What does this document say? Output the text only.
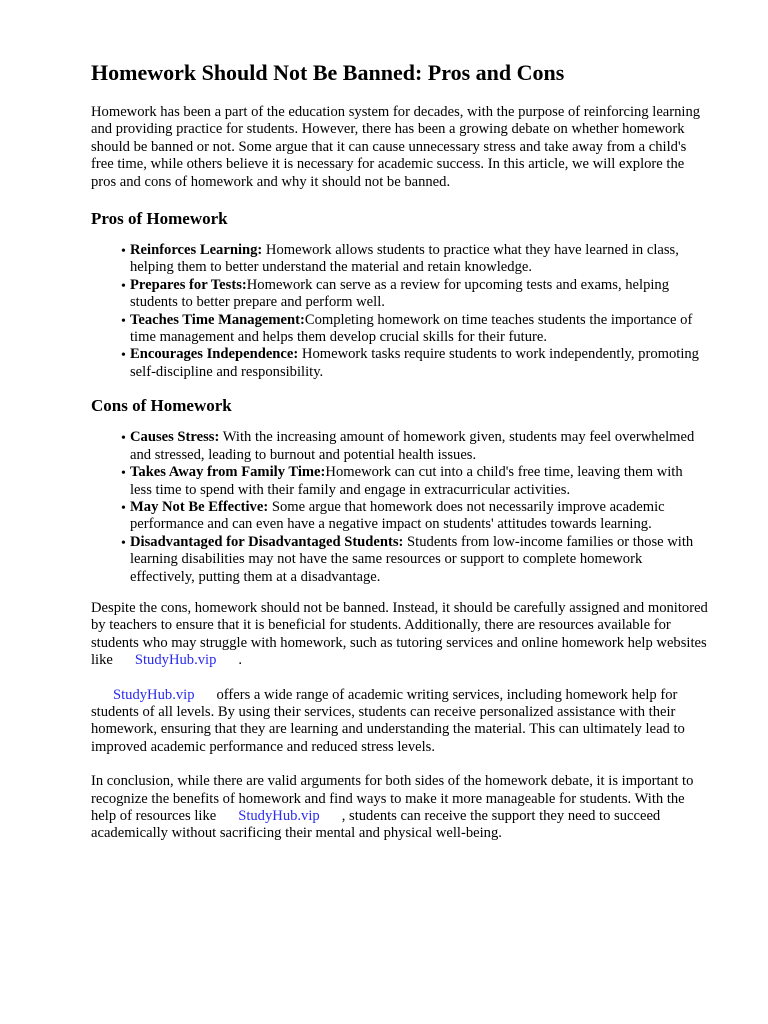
Homework Should Not Be Banned: Pros and Cons

Homework has been a part of the education system for decades, with the purpose of reinforcing learning and providing practice for students. However, there has been a growing debate on whether homework should be banned or not. Some argue that it can cause unnecessary stress and take away from a child's free time, while others believe it is necessary for academic success. In this article, we will explore the pros and cons of homework and why it should not be banned.

Pros of Homework
• Reinforces Learning: Homework allows students to practice what they have learned in class, helping them to better understand the material and retain knowledge.
• Prepares for Tests:Homework can serve as a review for upcoming tests and exams, helping students to better prepare and perform well.
• Teaches Time Management:Completing homework on time teaches students the importance of time management and helps them develop crucial skills for their future.
• Encourages Independence: Homework tasks require students to work independently, promoting self-discipline and responsibility.
Cons of Homework
• Causes Stress: With the increasing amount of homework given, students may feel overwhelmed and stressed, leading to burnout and potential health issues.
• Takes Away from Family Time:Homework can cut into a child's free time, leaving them with less time to spend with their family and engage in extracurricular activities.
• May Not Be Effective: Some argue that homework does not necessarily improve academic performance and can even have a negative impact on students' attitudes towards learning.
• Disadvantaged for Disadvantaged Students: Students from low-income families or those with learning disabilities may not have the same resources or support to complete homework effectively, putting them at a disadvantage.

Despite the cons, homework should not be banned. Instead, it should be carefully assigned and monitored by teachers to ensure that it is beneficial for students. Additionally, there are resources available for students who may struggle with homework, such as tutoring services and online homework help websites like StudyHub.vip .

StudyHub.vip offers a wide range of academic writing services, including homework help for students of all levels. By using their services, students can receive personalized assistance with their homework, ensuring that they are learning and understanding the material. This can ultimately lead to improved academic performance and reduced stress levels.

In conclusion, while there are valid arguments for both sides of the homework debate, it is important to recognize the benefits of homework and find ways to make it more manageable for students. With the help of resources like StudyHub.vip , students can receive the support they need to succeed academically without sacrificing their mental and physical well-being.
